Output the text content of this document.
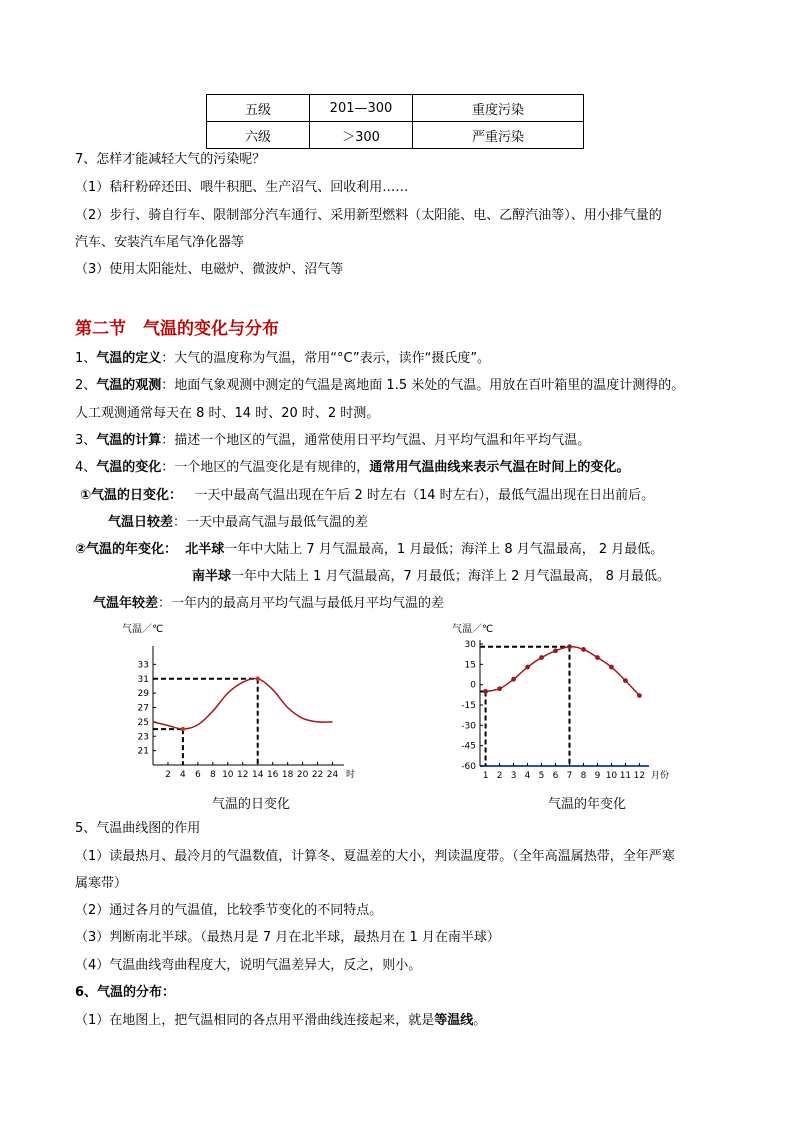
五级	201—300	重度污染
六级	＞300	严重污染
7、怎样才能减轻大气的污染呢？
（1）秸秆粉碎还田、喂牛积肥、生产沼气、回收利用……
（2）步行、骑自行车、限制部分汽车通行、采用新型燃料（太阳能、电、乙醇汽油等）、用小排气量的
汽车、安装汽车尾气净化器等
（3）使用太阳能灶、电磁炉、微波炉、沼气等
第二节　气温的变化与分布
1、气温的定义：大气的温度称为气温，常用“°C”表示，读作“摄氏度”。
2、气温的观测：地面气象观测中测定的气温是离地面 1.5 米处的气温。用放在百叶箱里的温度计测得的。
人工观测通常每天在 8 时、14 时、20 时、2 时测。
3、气温的计算：描述一个地区的气温，通常使用日平均气温、月平均气温和年平均气温。
4、气温的变化：一个地区的气温变化是有规律的，通常用气温曲线来表示气温在时间上的变化。
①气温的日变化： 一天中最高气温出现在午后 2 时左右（14 时左右），最低气温出现在日出前后。
气温日较差：一天中最高气温与最低气温的差
②气温的年变化： 北半球一年中大陆上 7 月气温最高，1 月最低；海洋上 8 月气温最高， 2 月最低。
南半球一年中大陆上 1 月气温最高，7 月最低；海洋上 2 月气温最高， 8 月最低。
气温年较差：一年内的最高月平均气温与最低月平均气温的差
气温／℃
21
23
25
27
29
31
33
2 4 6 8 10 12 14 16 18 20 22 24 时
气温／℃
30
15
0
-15
-30
-45
-60
1 2 3 4 5 6 7 8 9 10 11 12 月份
气温的日变化	气温的年变化
5、气温曲线图的作用
（1）读最热月、最冷月的气温数值，计算冬、夏温差的大小，判读温度带。（全年高温属热带，全年严寒
属寒带）
（2）通过各月的气温值，比较季节变化的不同特点。
（3）判断南北半球。（最热月是 7 月在北半球，最热月在 1 月在南半球）
（4）气温曲线弯曲程度大，说明气温差异大，反之，则小。
6、气温的分布：
（1）在地图上，把气温相同的各点用平滑曲线连接起来，就是等温线。
